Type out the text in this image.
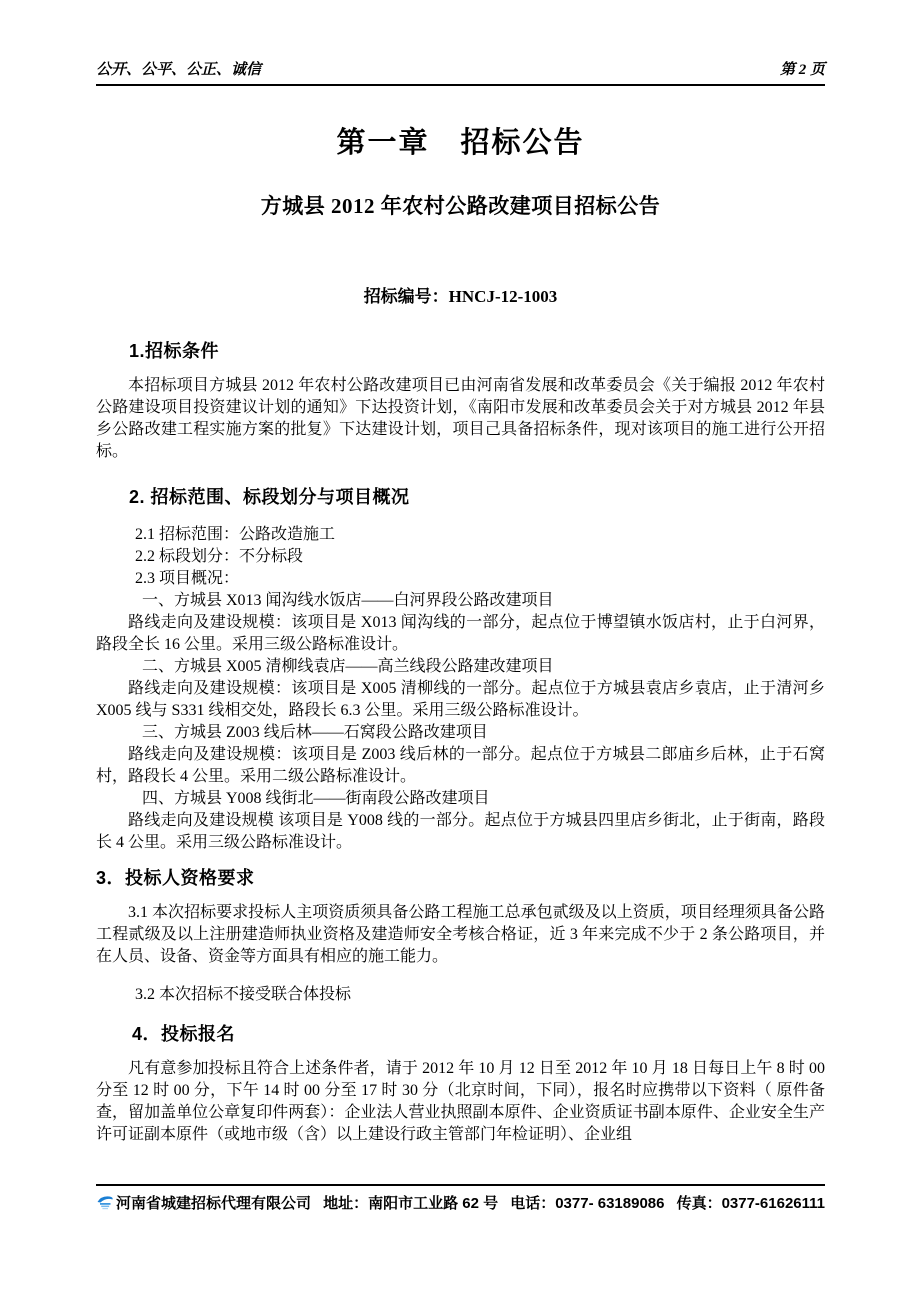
公开、公平、公正、诚信	第 2 页
第一章　招标公告
方城县 2012 年农村公路改建项目招标公告
招标编号：HNCJ-12-1003
1.招标条件

本招标项目方城县 2012 年农村公路改建项目已由河南省发展和改革委员会《关于编报 2012 年农村公路建设项目投资建议计划的通知》下达投资计划，《南阳市发展和改革委员会关于对方城县 2012 年县乡公路改建工程实施方案的批复》下达建设计划，项目己具备招标条件，现对该项目的施工进行公开招标。

2. 招标范围、标段划分与项目概况
2.1 招标范围：公路改造施工
2.2 标段划分：不分标段
2.3 项目概况：
一、方城县 X013 闻沟线水饭店——白河界段公路改建项目

路线走向及建设规模：该项目是 X013 闻沟线的一部分，起点位于博望镇水饭店村，止于白河界，路段全长 16 公里。采用三级公路标准设计。

二、方城县 X005 清柳线袁店——高兰线段公路建改建项目

路线走向及建设规模：该项目是 X005 清柳线的一部分。起点位于方城县袁店乡袁店，止于清河乡 X005 线与 S331 线相交处，路段长 6.3 公里。采用三级公路标准设计。

三、方城县 Z003 线后林——石窝段公路改建项目

路线走向及建设规模：该项目是 Z003 线后林的一部分。起点位于方城县二郎庙乡后林，止于石窝村，路段长 4 公里。采用二级公路标准设计。

四、方城县 Y008 线街北——街南段公路改建项目

路线走向及建设规模 该项目是 Y008 线的一部分。起点位于方城县四里店乡街北，止于街南，路段长 4 公里。采用三级公路标准设计。

3．投标人资格要求

3.1 本次招标要求投标人主项资质须具备公路工程施工总承包贰级及以上资质，项目经理须具备公路工程贰级及以上注册建造师执业资格及建造师安全考核合格证，近 3 年来完成不少于 2 条公路项目，并在人员、设备、资金等方面具有相应的施工能力。

3.2 本次招标不接受联合体投标

4．投标报名

凡有意参加投标且符合上述条件者，请于 2012 年 10 月 12 日至 2012 年 10 月 18 日每日上午 8 时 00 分至 12 时 00 分，下午 14 时 00 分至 17 时 30 分（北京时间，下同），报名时应携带以下资料（ 原件备查，留加盖单位公章复印件两套）：企业法人营业执照副本原件、企业资质证书副本原件、企业安全生产许可证副本原件（或地市级（含）以上建设行政主管部门年检证明）、企业组

河南省城建招标代理有限公司 地址：南阳市工业路 62 号 电话：0377- 63189086 传真：0377-61626111
